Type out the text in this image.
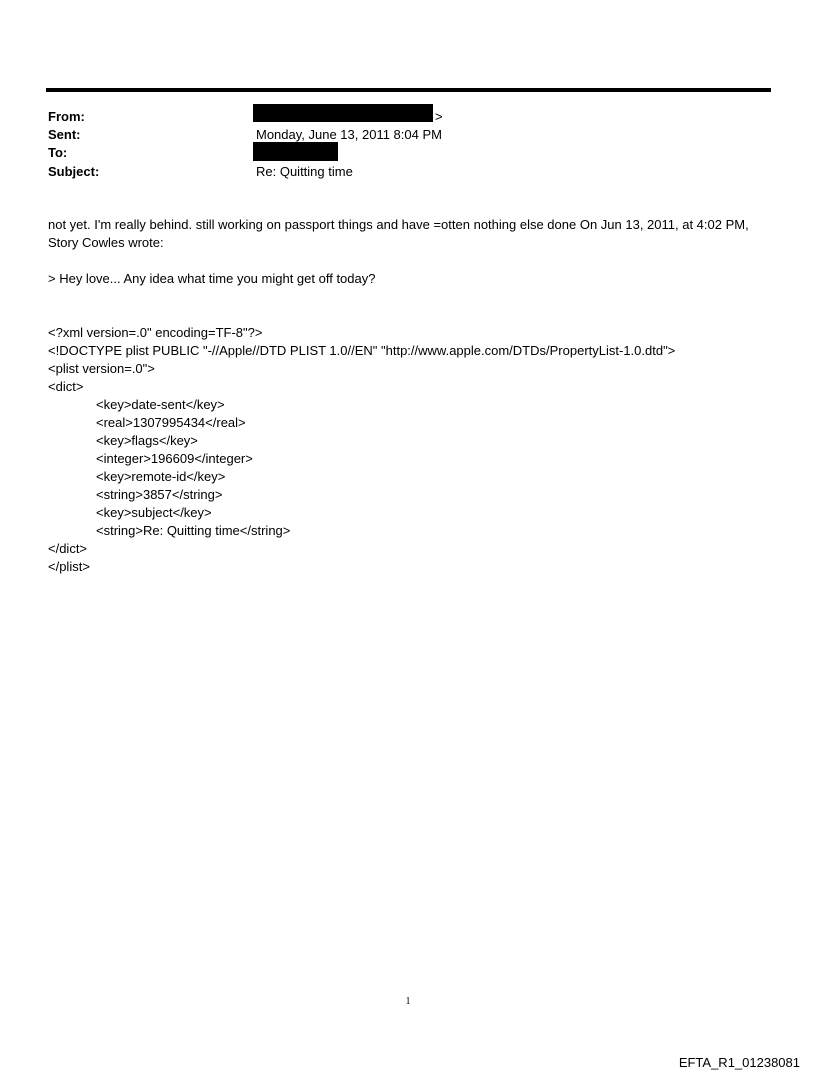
From:	>
Sent:	Monday, June 13, 2011 8:04 PM
To:
Subject:	Re: Quitting time
not yet. I'm really behind. still working on passport things and have =otten nothing else done On Jun 13, 2011, at 4:02 PM, Story Cowles wrote:
> Hey love... Any idea what time you might get off today?

<?xml version=.0" encoding=TF-8"?>
<!DOCTYPE plist PUBLIC "-//Apple//DTD PLIST 1.0//EN" "http://www.apple.com/DTDs/PropertyList-1.0.dtd">
<plist version=.0">
<dict>
<key>date-sent</key>
<real>1307995434</real>
<key>flags</key>
<integer>196609</integer>
<key>remote-id</key>
<string>3857</string>
<key>subject</key>
<string>Re: Quitting time</string>
</dict>
</plist>

1
EFTA_R1_01238081
